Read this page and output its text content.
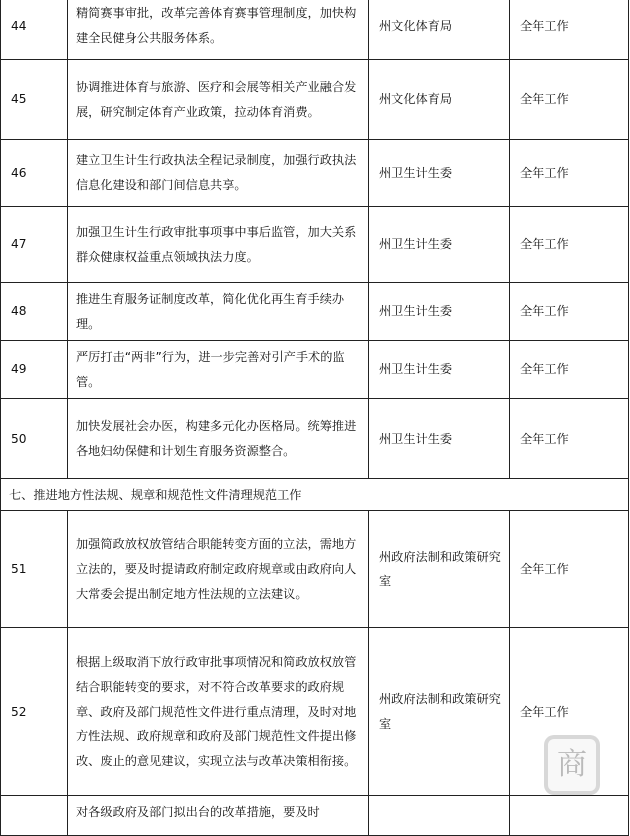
44	精简赛事审批，改革完善体育赛事管理制度，加快构建全民健身公共服务体系。	州文化体育局	全年工作
45	协调推进体育与旅游、医疗和会展等相关产业融合发展，研究制定体育产业政策，拉动体育消费。	州文化体育局	全年工作
46	建立卫生计生行政执法全程记录制度，加强行政执法信息化建设和部门间信息共享。	州卫生计生委	全年工作
47	加强卫生计生行政审批事项事中事后监管，加大关系群众健康权益重点领域执法力度。	州卫生计生委	全年工作
48	推进生育服务证制度改革，简化优化再生育手续办理。	州卫生计生委	全年工作
49	严厉打击“两非”行为，进一步完善对引产手术的监管。	州卫生计生委	全年工作
50	加快发展社会办医，构建多元化办医格局。统筹推进各地妇幼保健和计划生育服务资源整合。	州卫生计生委	全年工作
七、推进地方性法规、规章和规范性文件清理规范工作			
51	加强简政放权放管结合职能转变方面的立法，需地方立法的，要及时提请政府制定政府规章或由政府向人大常委会提出制定地方性法规的立法建议。	州政府法制和政策研究室	全年工作
52	根据上级取消下放行政审批事项情况和简政放权放管结合职能转变的要求，对不符合改革要求的政府规章、政府及部门规范性文件进行重点清理，及时对地方性法规、政府规章和政府及部门规范性文件提出修改、废止的意见建议，实现立法与改革决策相衔接。	州政府法制和政策研究室	全年工作
	对各级政府及部门拟出台的改革措施，要及时		
商
